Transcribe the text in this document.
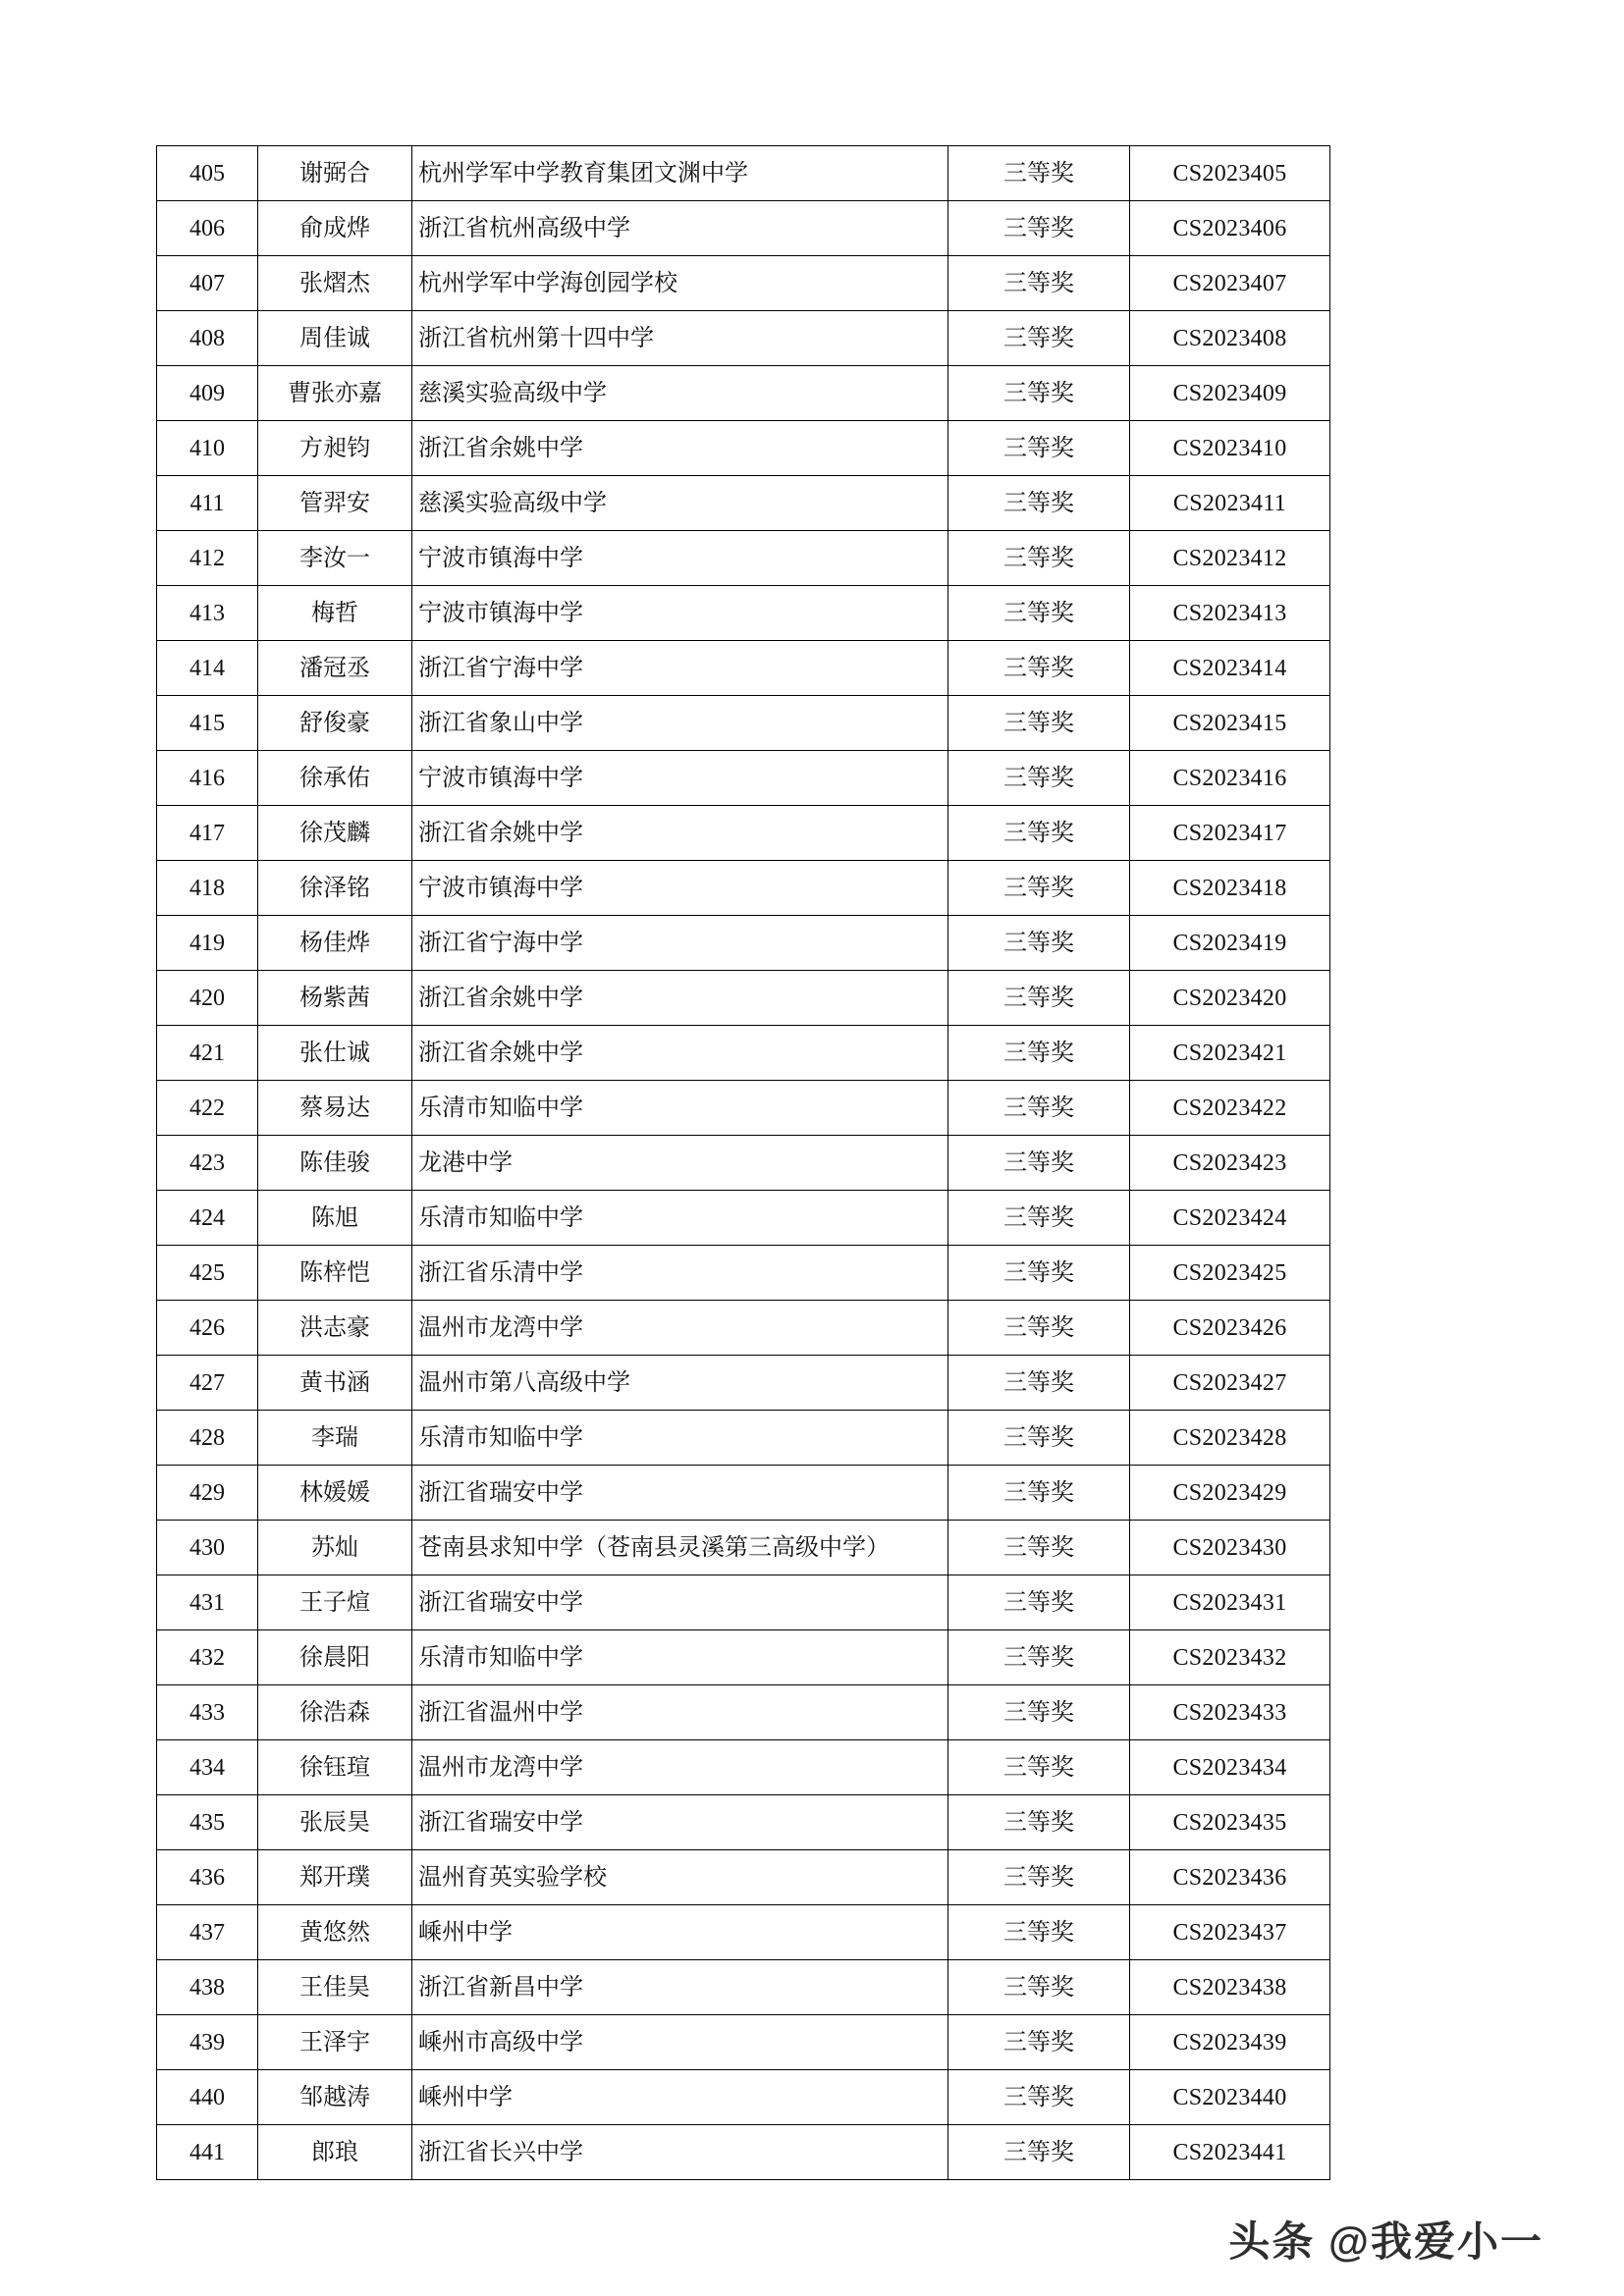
405	谢弼合	杭州学军中学教育集团文渊中学	三等奖	CS2023405
406	俞成烨	浙江省杭州高级中学	三等奖	CS2023406
407	张熠杰	杭州学军中学海创园学校	三等奖	CS2023407
408	周佳诚	浙江省杭州第十四中学	三等奖	CS2023408
409	曹张亦嘉	慈溪实验高级中学	三等奖	CS2023409
410	方昶钧	浙江省余姚中学	三等奖	CS2023410
411	管羿安	慈溪实验高级中学	三等奖	CS2023411
412	李汝一	宁波市镇海中学	三等奖	CS2023412
413	梅哲	宁波市镇海中学	三等奖	CS2023413
414	潘冠丞	浙江省宁海中学	三等奖	CS2023414
415	舒俊豪	浙江省象山中学	三等奖	CS2023415
416	徐承佑	宁波市镇海中学	三等奖	CS2023416
417	徐茂麟	浙江省余姚中学	三等奖	CS2023417
418	徐泽铭	宁波市镇海中学	三等奖	CS2023418
419	杨佳烨	浙江省宁海中学	三等奖	CS2023419
420	杨紫茜	浙江省余姚中学	三等奖	CS2023420
421	张仕诚	浙江省余姚中学	三等奖	CS2023421
422	蔡易达	乐清市知临中学	三等奖	CS2023422
423	陈佳骏	龙港中学	三等奖	CS2023423
424	陈旭	乐清市知临中学	三等奖	CS2023424
425	陈梓恺	浙江省乐清中学	三等奖	CS2023425
426	洪志豪	温州市龙湾中学	三等奖	CS2023426
427	黄书涵	温州市第八高级中学	三等奖	CS2023427
428	李瑞	乐清市知临中学	三等奖	CS2023428
429	林媛媛	浙江省瑞安中学	三等奖	CS2023429
430	苏灿	苍南县求知中学（苍南县灵溪第三高级中学）	三等奖	CS2023430
431	王子煊	浙江省瑞安中学	三等奖	CS2023431
432	徐晨阳	乐清市知临中学	三等奖	CS2023432
433	徐浩森	浙江省温州中学	三等奖	CS2023433
434	徐钰瑄	温州市龙湾中学	三等奖	CS2023434
435	张辰昊	浙江省瑞安中学	三等奖	CS2023435
436	郑开璞	温州育英实验学校	三等奖	CS2023436
437	黄悠然	嵊州中学	三等奖	CS2023437
438	王佳昊	浙江省新昌中学	三等奖	CS2023438
439	王泽宇	嵊州市高级中学	三等奖	CS2023439
440	邹越涛	嵊州中学	三等奖	CS2023440
441	郎琅	浙江省长兴中学	三等奖	CS2023441
头条 @我爱小一
